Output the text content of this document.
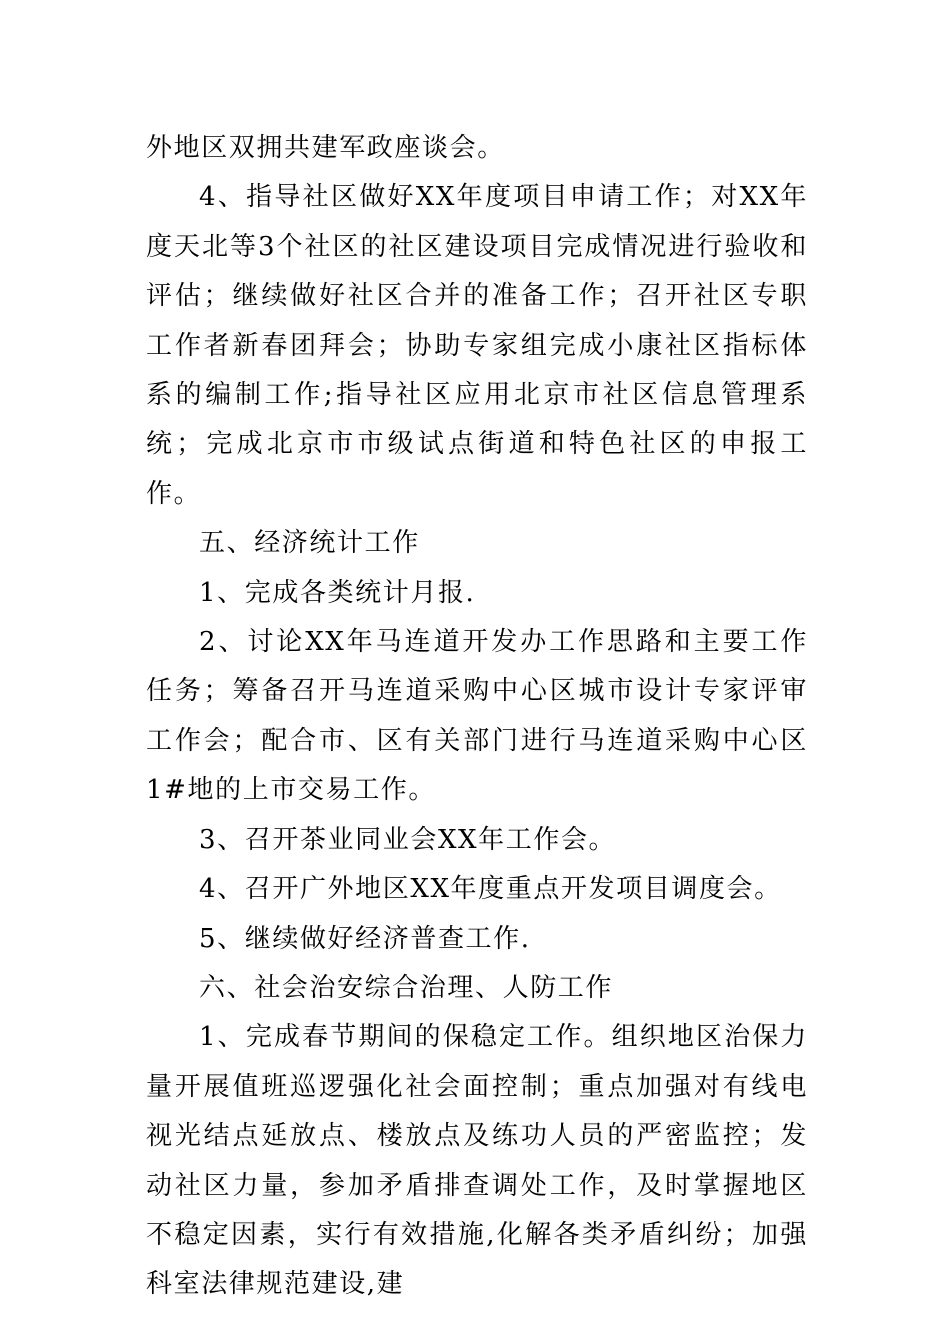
外地区双拥共建军政座谈会。

4、指导社区做好XX年度项目申请工作；对XX年度天北等3个社区的社区建设项目完成情况进行验收和评估；继续做好社区合并的准备工作；召开社区专职工作者新春团拜会；协助专家组完成小康社区指标体系的编制工作;指导社区应用北京市社区信息管理系统；完成北京市市级试点街道和特色社区的申报工作。

五、经济统计工作

1、完成各类统计月报.

2、讨论XX年马连道开发办工作思路和主要工作任务；筹备召开马连道采购中心区城市设计专家评审工作会；配合市、区有关部门进行马连道采购中心区1#地的上市交易工作。

3、召开茶业同业会XX年工作会。

4、召开广外地区XX年度重点开发项目调度会。

5、继续做好经济普查工作.

六、社会治安综合治理、人防工作

1、完成春节期间的保稳定工作。组织地区治保力量开展值班巡逻强化社会面控制；重点加强对有线电视光结点延放点、楼放点及练功人员的严密监控；发动社区力量，参加矛盾排查调处工作，及时掌握地区不稳定因素，实行有效措施,化解各类矛盾纠纷；加强科室法律规范建设,建
